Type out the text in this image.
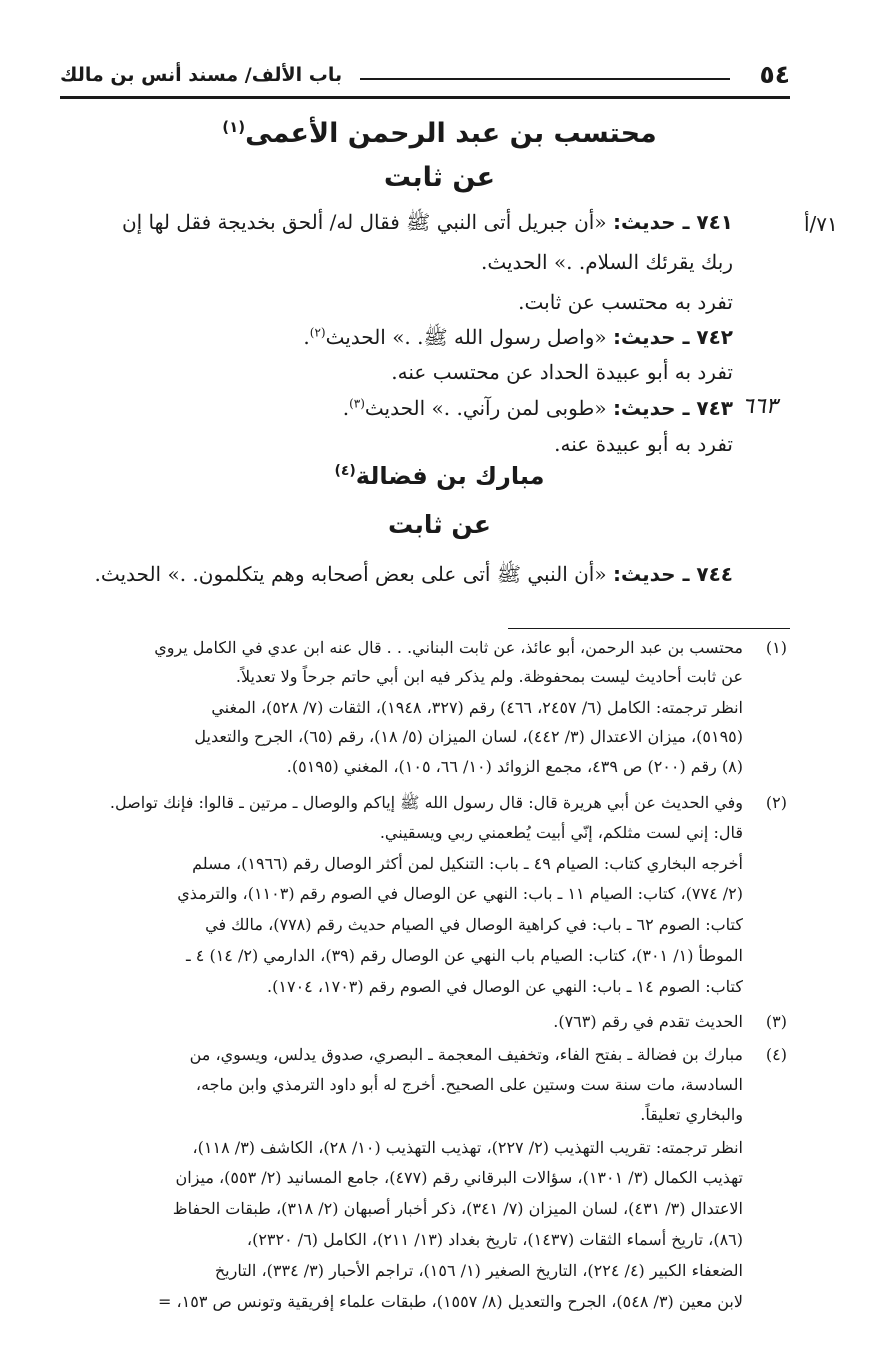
٥٤
باب الألف/ مسند أنس بن مالك
محتسب بن عبد الرحمن الأعمى$^{(١)}$
عن ثابت
٧١/أ
٦٦٣
٧٤١ ـ حديث: «أن جبريل أتى النبي ﷺ فقال له/ ألحق بخديجة فقل لها إن
ربك يقرئك السلام. .» الحديث.
تفرد به محتسب عن ثابت.
٧٤٢ ـ حديث: «واصل رسول الله ﷺ. .» الحديث$^{(٢)}$.
تفرد به أبو عبيدة الحداد عن محتسب عنه.
٧٤٣ ـ حديث: «طوبى لمن رآني. .» الحديث$^{(٣)}$.
تفرد به أبو عبيدة عنه.
مبارك بن فضالة$^{(٤)}$
عن ثابت
٧٤٤ ـ حديث: «أن النبي ﷺ أتى على بعض أصحابه وهم يتكلمون. .» الحديث.
(١)
محتسب بن عبد الرحمن، أبو عائذ، عن ثابت البناني. . . قال عنه ابن عدي في الكامل يروي
عن ثابت أحاديث ليست بمحفوظة. ولم يذكر فيه ابن أبي حاتم جرحاً ولا تعديلاً.
انظر ترجمته: الكامل (٦/ ٢٤٥٧، ٤٦٦) رقم (٣٢٧، ١٩٤٨)، الثقات (٧/ ٥٢٨)، المغني
(٥١٩٥)، ميزان الاعتدال (٣/ ٤٤٢)، لسان الميزان (٥/ ١٨)، رقم (٦٥)، الجرح والتعديل
(٨) رقم (٢٠٠) ص ٤٣٩، مجمع الزوائد (١٠/ ٦٦، ١٠٥)، المغني (٥١٩٥).
(٢)
وفي الحديث عن أبي هريرة قال: قال رسول الله ﷺ إياكم والوصال ـ مرتين ـ قالوا: فإنك تواصل.
قال: إني لست مثلكم، إنّي أبيت يُطعمني ربي ويسقيني.
أخرجه البخاري كتاب: الصيام ٤٩ ـ باب: التنكيل لمن أكثر الوصال رقم (١٩٦٦)، مسلم
(٢/ ٧٧٤)، كتاب: الصيام ١١ ـ باب: النهي عن الوصال في الصوم رقم (١١٠٣)، والترمذي
كتاب: الصوم ٦٢ ـ باب: في كراهية الوصال في الصيام حديث رقم (٧٧٨)، مالك في
الموطأ (١/ ٣٠١)، كتاب: الصيام باب النهي عن الوصال رقم (٣٩)، الدارمي (٢/ ١٤) ٤ ـ
كتاب: الصوم ١٤ ـ باب: النهي عن الوصال في الصوم رقم (١٧٠٣، ١٧٠٤).
(٣)
الحديث تقدم في رقم (٧٦٣).
(٤)
مبارك بن فضالة ـ بفتح الفاء، وتخفيف المعجمة ـ البصري، صدوق يدلس، ويسوي، من
السادسة، مات سنة ست وستين على الصحيح. أخرج له أبو داود الترمذي وابن ماجه،
والبخاري تعليقاً.
انظر ترجمته: تقريب التهذيب (٢/ ٢٢٧)، تهذيب التهذيب (١٠/ ٢٨)، الكاشف (٣/ ١١٨)،
تهذيب الكمال (٣/ ١٣٠١)، سؤالات البرقاني رقم (٤٧٧)، جامع المسانيد (٢/ ٥٥٣)، ميزان
الاعتدال (٣/ ٤٣١)، لسان الميزان (٧/ ٣٤١)، ذكر أخبار أصبهان (٢/ ٣١٨)، طبقات الحفاظ
(٨٦)، تاريخ أسماء الثقات (١٤٣٧)، تاريخ بغداد (١٣/ ٢١١)، الكامل (٦/ ٢٣٢٠)،
الضعفاء الكبير (٤/ ٢٢٤)، التاريخ الصغير (١/ ١٥٦)، تراجم الأحبار (٣/ ٣٣٤)، التاريخ
لابن معين (٣/ ٥٤٨)، الجرح والتعديل (٨/ ١٥٥٧)، طبقات علماء إفريقية وتونس ص ١٥٣، =
